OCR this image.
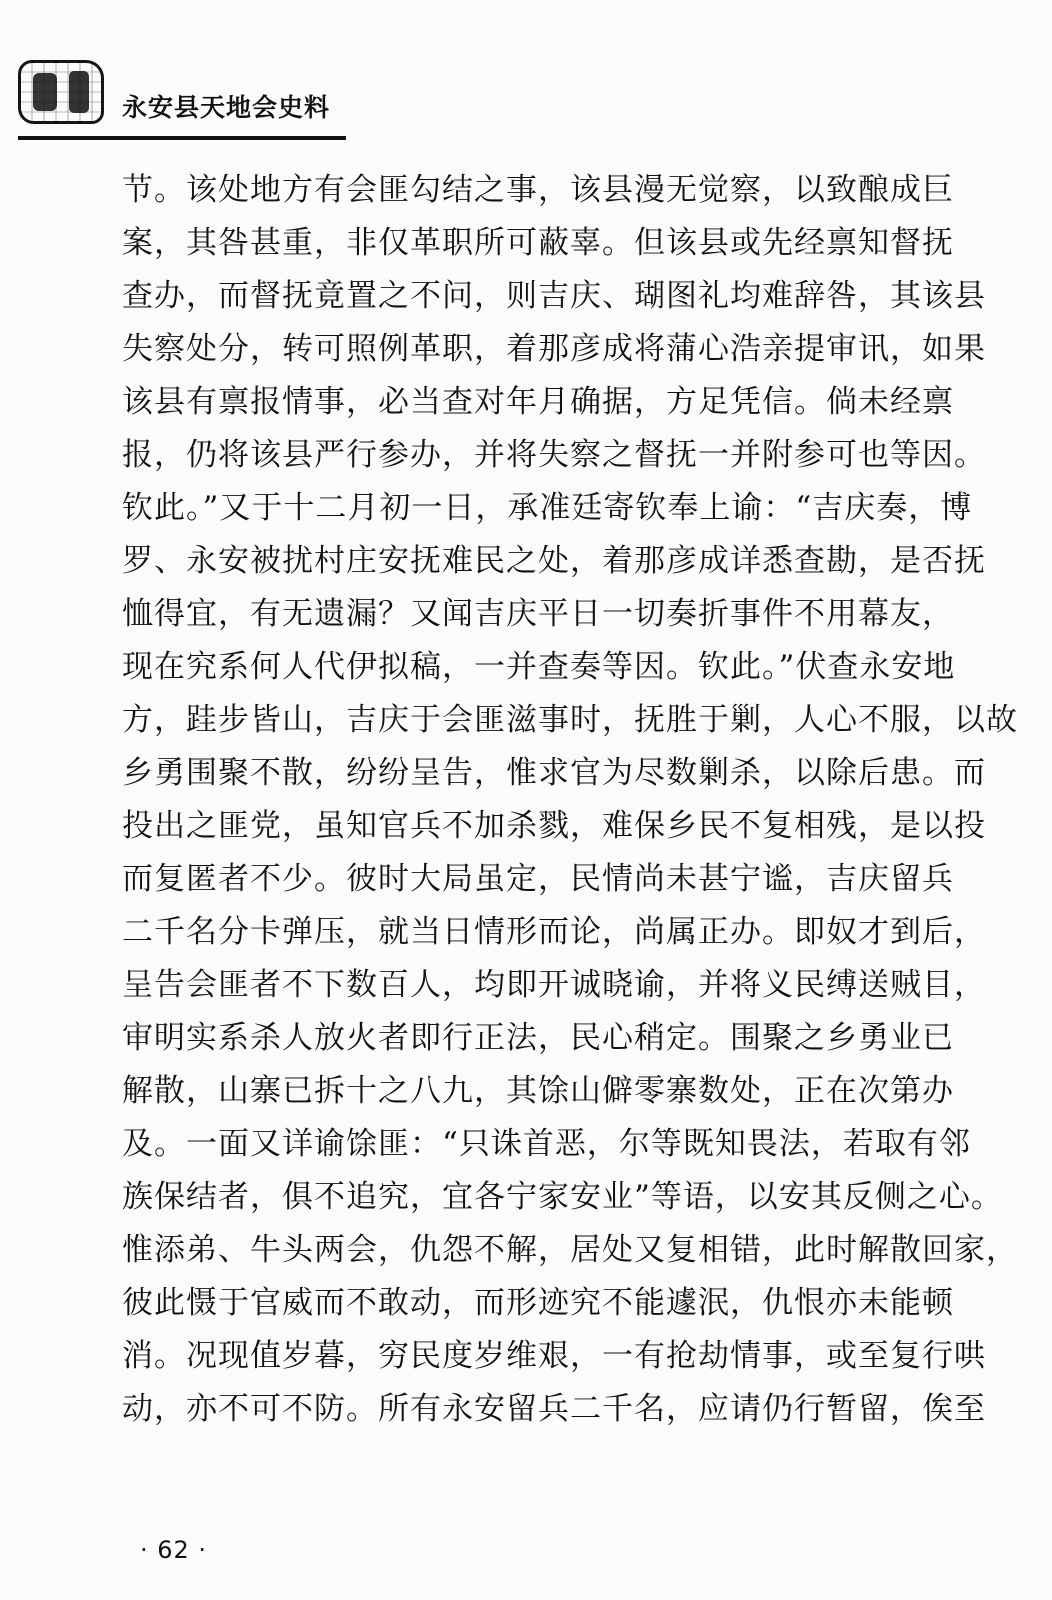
永安县天地会史料
节。该处地方有会匪勾结之事，该县漫无觉察，以致酿成巨
案，其咎甚重，非仅革职所可蔽辜。但该县或先经禀知督抚
查办，而督抚竟置之不问，则吉庆、瑚图礼均难辞咎，其该县
失察处分，转可照例革职，着那彦成将蒲心浩亲提审讯，如果
该县有禀报情事，必当查对年月确据，方足凭信。倘未经禀
报，仍将该县严行参办，并将失察之督抚一并附参可也等因。
钦此。”又于十二月初一日，承准廷寄钦奉上谕：“吉庆奏，博
罗、永安被扰村庄安抚难民之处，着那彦成详悉查勘，是否抚
恤得宜，有无遗漏？又闻吉庆平日一切奏折事件不用幕友，
现在究系何人代伊拟稿，一并查奏等因。钦此。”伏查永安地
方，跬步皆山，吉庆于会匪滋事时，抚胜于剿，人心不服，以故
乡勇围聚不散，纷纷呈告，惟求官为尽数剿杀，以除后患。而
投出之匪党，虽知官兵不加杀戮，难保乡民不复相残，是以投
而复匿者不少。彼时大局虽定，民情尚未甚宁谧，吉庆留兵
二千名分卡弹压，就当日情形而论，尚属正办。即奴才到后，
呈告会匪者不下数百人，均即开诚晓谕，并将义民缚送贼目，
审明实系杀人放火者即行正法，民心稍定。围聚之乡勇业已
解散，山寨已拆十之八九，其馀山僻零寨数处，正在次第办
及。一面又详谕馀匪：“只诛首恶，尔等既知畏法，若取有邻
族保结者，俱不追究，宜各宁家安业”等语，以安其反侧之心。
惟添弟、牛头两会，仇怨不解，居处又复相错，此时解散回家，
彼此慑于官威而不敢动，而形迹究不能遽泯，仇恨亦未能顿
消。况现值岁暮，穷民度岁维艰，一有抢劫情事，或至复行哄
动，亦不可不防。所有永安留兵二千名，应请仍行暂留，俟至
· 62 ·
